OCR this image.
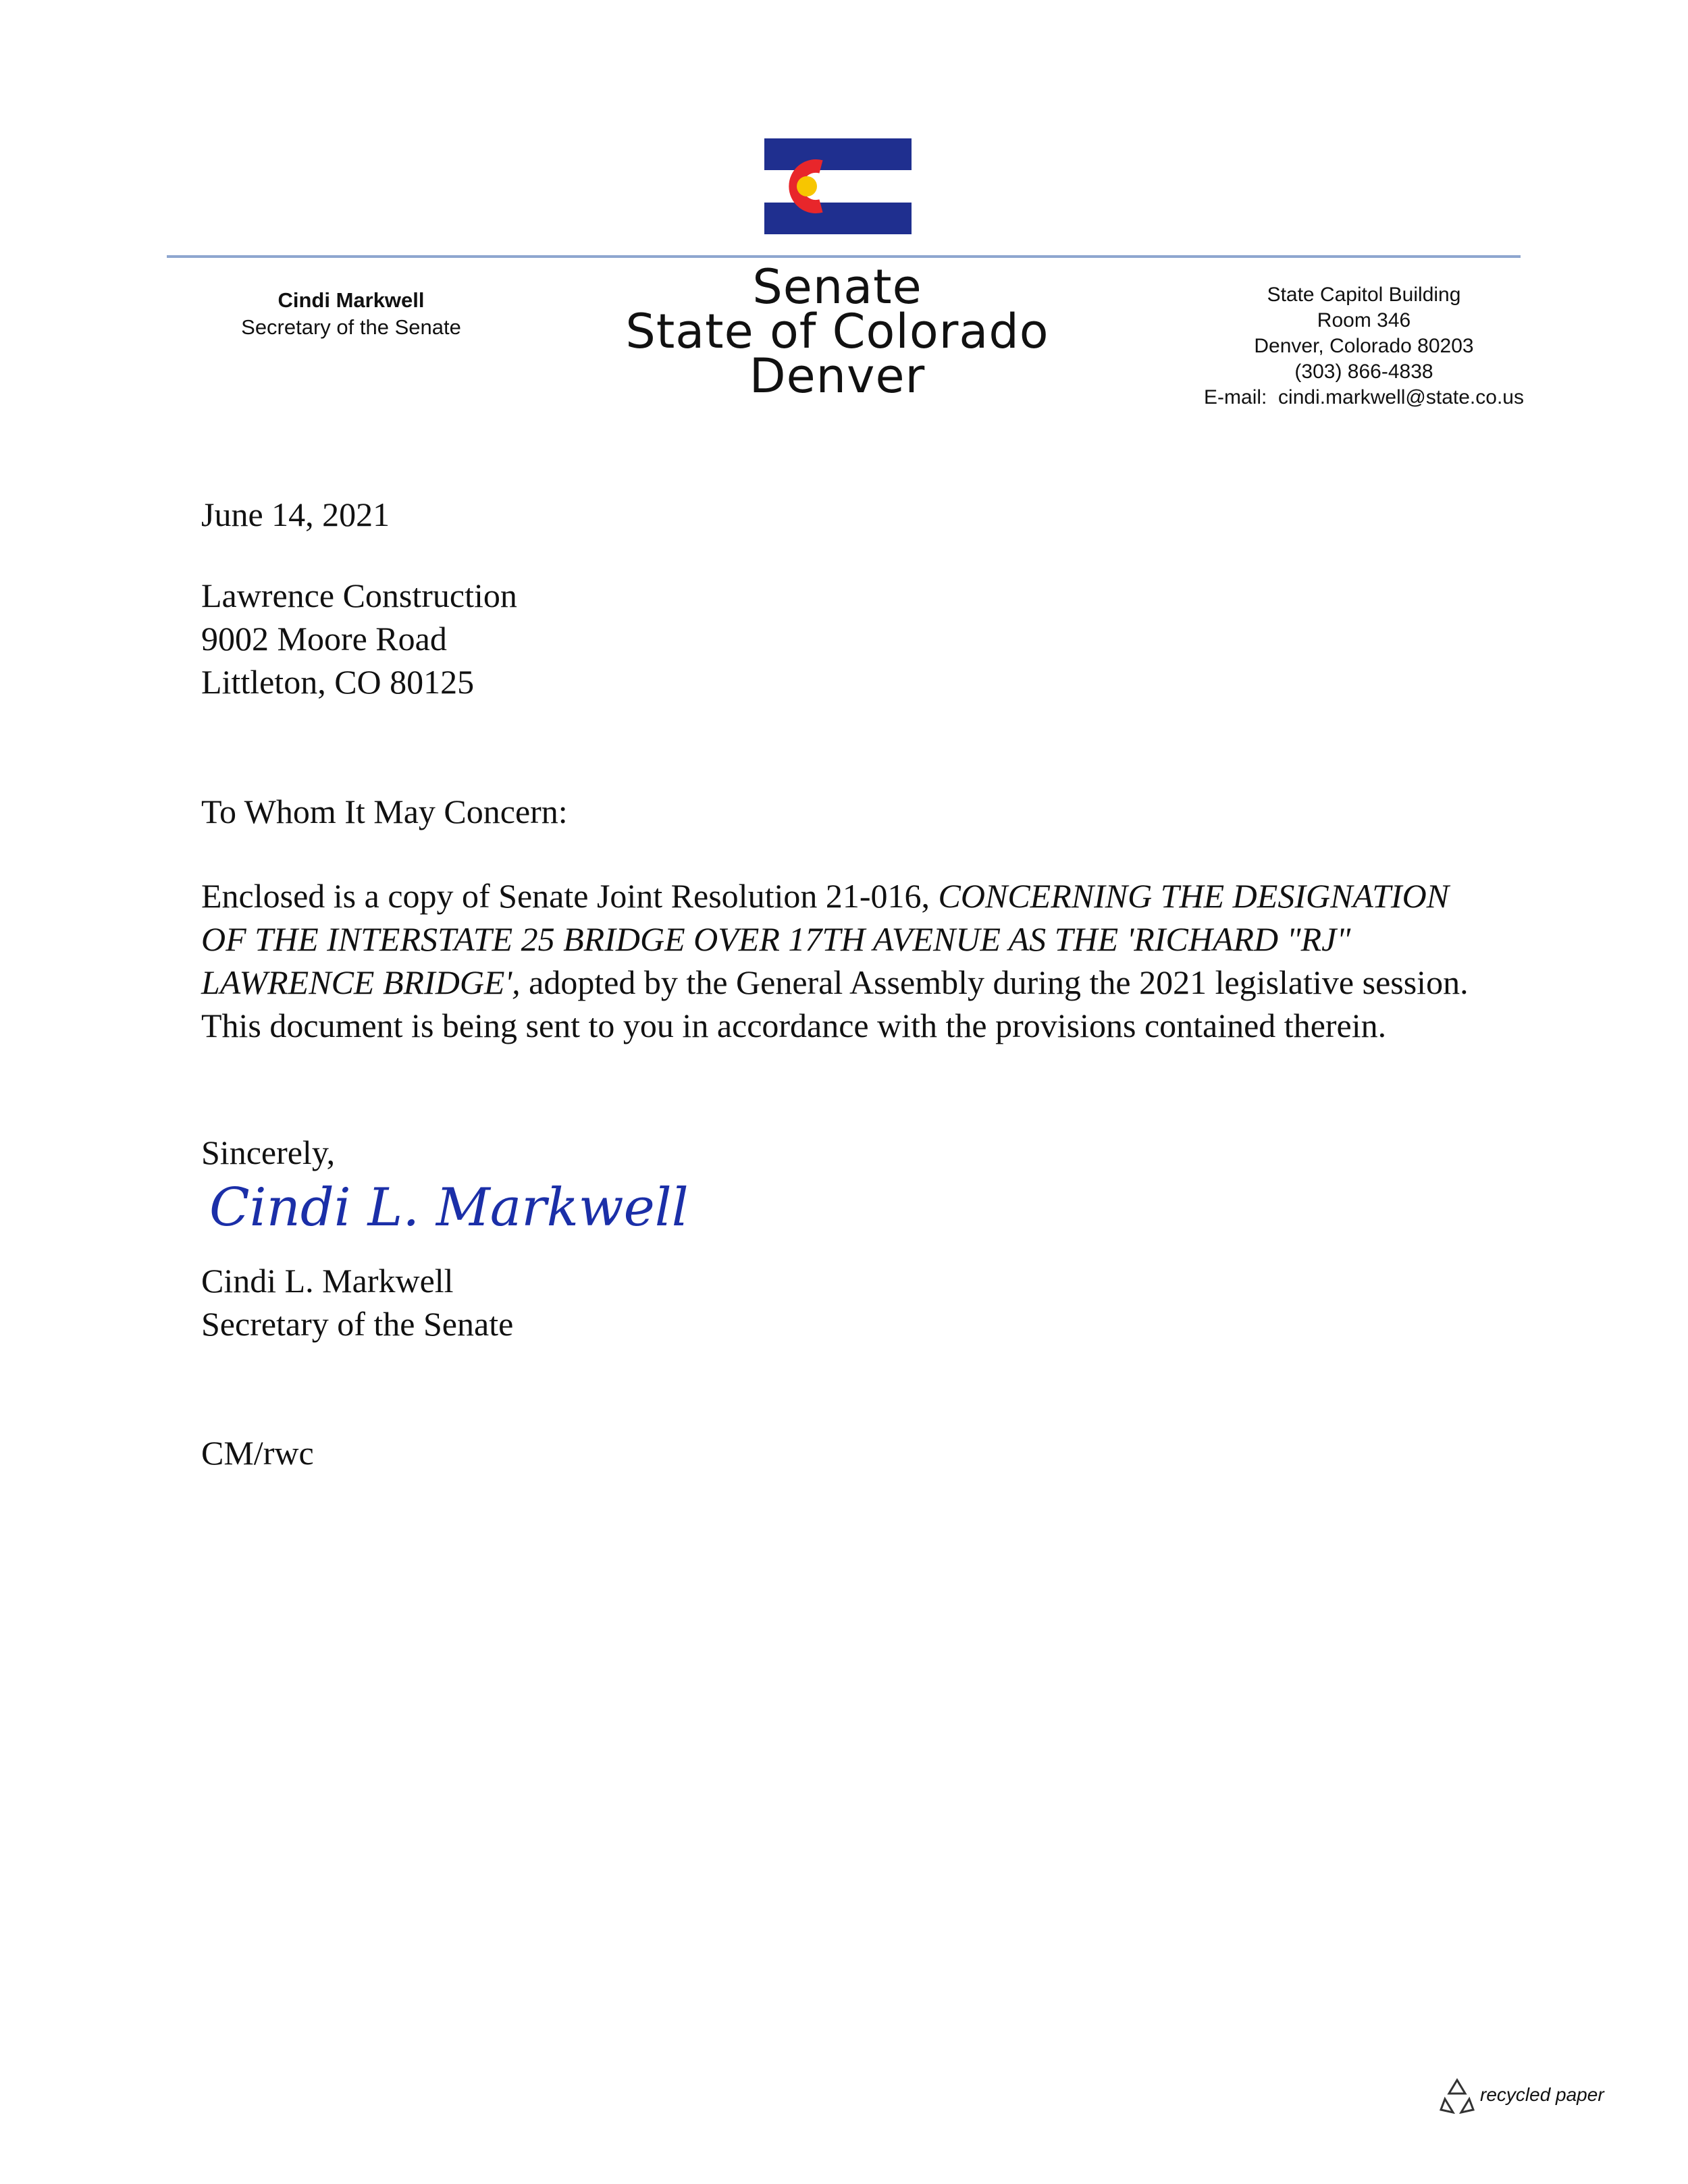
Cindi Markwell
Secretary of the Senate
Senate
State of Colorado
Denver
State Capitol Building
Room 346
Denver, Colorado 80203
(303) 866-4838
E-mail: cindi.markwell@state.co.us
June 14, 2021
Lawrence Construction
9002 Moore Road
Littleton, CO 80125
To Whom It May Concern:
Enclosed is a copy of Senate Joint Resolution 21-016, CONCERNING THE DESIGNATION OF THE INTERSTATE 25 BRIDGE OVER 17TH AVENUE AS THE 'RICHARD "RJ" LAWRENCE BRIDGE', adopted by the General Assembly during the 2021 legislative session. This document is being sent to you in accordance with the provisions contained therein.
Sincerely,
Cindi L. Markwell
Cindi L. Markwell
Secretary of the Senate
CM/rwc
recycled paper
